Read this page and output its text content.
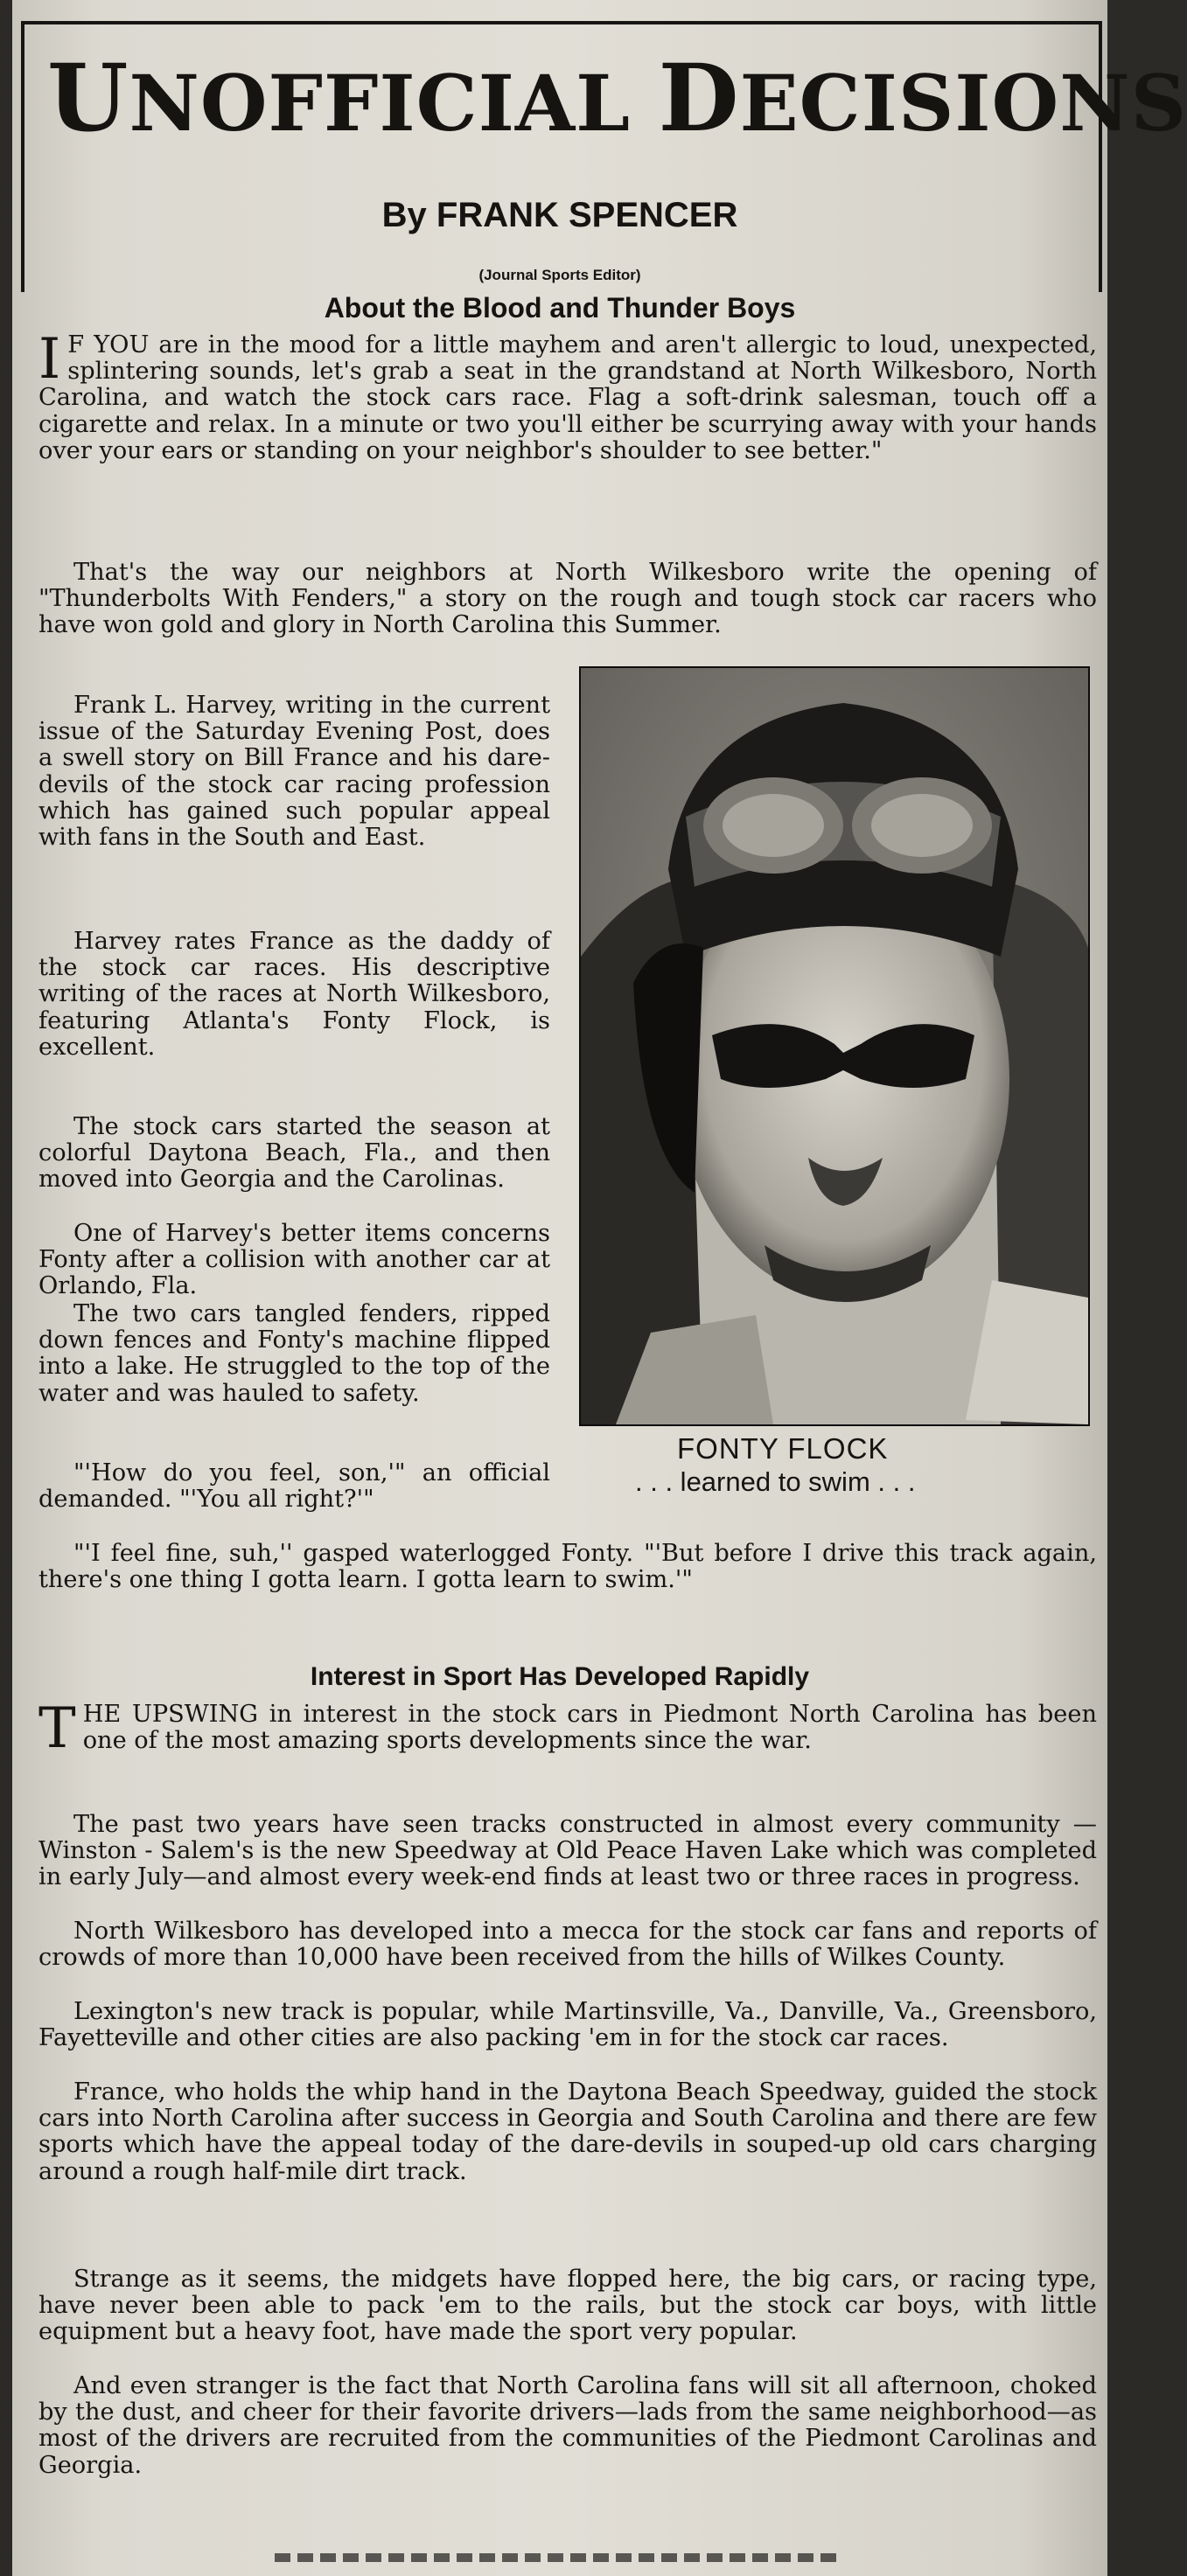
UNOFFICIAL DECISIONS
By FRANK SPENCER
(Journal Sports Editor)
About the Blood and Thunder Boys

I F YOU are in the mood for a little mayhem and aren't allergic to loud, unexpected, splintering sounds, let's grab a seat in the grandstand at North Wilkesboro, North Carolina, and watch the stock cars race. Flag a soft-drink salesman, touch off a cigarette and relax. In a minute or two you'll either be scurrying away with your hands over your ears or standing on your neighbor's shoulder to see better."

That's the way our neighbors at North Wilkesboro write the opening of "Thunderbolts With Fenders," a story on the rough and tough stock car racers who have won gold and glory in North Carolina this Summer.

Frank L. Harvey, writing in the current issue of the Saturday Evening Post, does a swell story on Bill France and his dare-devils of the stock car racing profession which has gained such popular appeal with fans in the South and East.

Harvey rates France as the daddy of the stock car races. His descriptive writing of the races at North Wilkesboro, featuring Atlanta's Fonty Flock, is excellent.

The stock cars started the season at colorful Daytona Beach, Fla., and then moved into Georgia and the Carolinas.

One of Harvey's better items concerns Fonty after a collision with another car at Orlando, Fla.

The two cars tangled fenders, ripped down fences and Fonty's machine flipped into a lake. He struggled to the top of the water and was hauled to safety.

"'How do you feel, son,'" an official demanded. "'You all right?'"

FONTY FLOCK
. . . learned to swim . . .

"'I feel fine, suh,'' gasped waterlogged Fonty. "'But before I drive this track again, there's one thing I gotta learn. I gotta learn to swim.'"

Interest in Sport Has Developed Rapidly

THE UPSWING in interest in the stock cars in Piedmont North Carolina has been one of the most amazing sports developments since the war.

The past two years have seen tracks constructed in almost every community — Winston - Salem's is the new Speedway at Old Peace Haven Lake which was completed in early July—and almost every week-end finds at least two or three races in progress.

North Wilkesboro has developed into a mecca for the stock car fans and reports of crowds of more than 10,000 have been received from the hills of Wilkes County.

Lexington's new track is popular, while Martinsville, Va., Danville, Va., Greensboro, Fayetteville and other cities are also packing 'em in for the stock car races.

France, who holds the whip hand in the Daytona Beach Speedway, guided the stock cars into North Carolina after success in Georgia and South Carolina and there are few sports which have the appeal today of the dare-devils in souped-up old cars charging around a rough half-mile dirt track.

Strange as it seems, the midgets have flopped here, the big cars, or racing type, have never been able to pack 'em to the rails, but the stock car boys, with little equipment but a heavy foot, have made the sport very popular.

And even stranger is the fact that North Carolina fans will sit all afternoon, choked by the dust, and cheer for their favorite drivers—lads from the same neighborhood—as most of the drivers are recruited from the communities of the Piedmont Carolinas and Georgia.
